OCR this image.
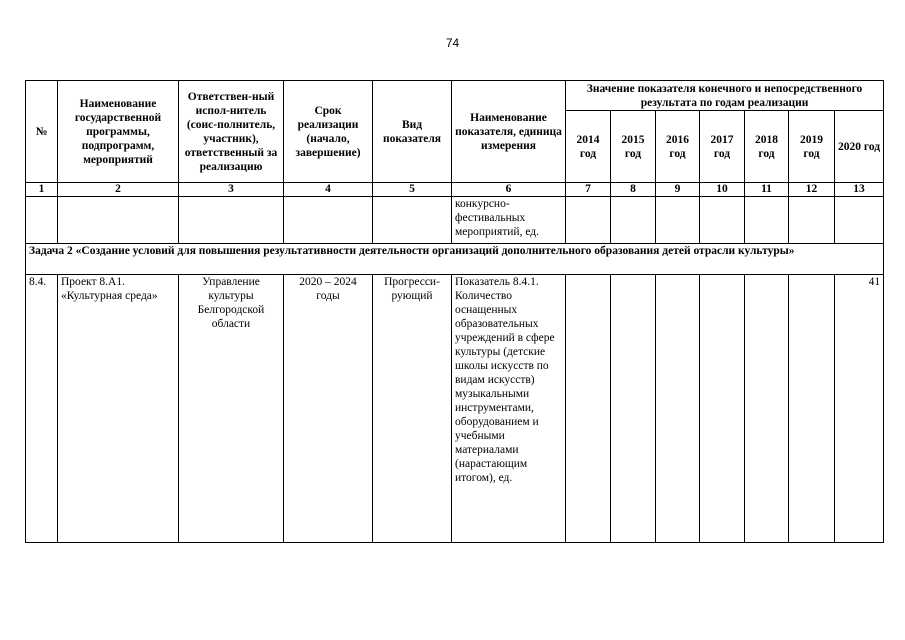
74
№	Наименование государственной программы, подпрограмм, мероприятий	Ответствен-ный испол-нитель (соис-полнитель, участник), ответственный за реализацию	Срок реализации (начало, завершение)	Вид показателя	Наименование показателя, единица измерения	Значение показателя конечного и непосредственного результата по годам реализации						
						2014 год	2015 год	2016 год	2017 год	2018 год	2019 год	2020 год
1	2	3	4	5	6	7	8	9	10	11	12	13
					конкурсно-фестивальных мероприятий, ед.							
Задача 2 «Создание условий для повышения результативности деятельности организаций дополнительного образования детей отрасли культуры»												
8.4.	Проект 8.А1. «Культурная среда»	Управление культуры Белгородской области	2020 – 2024 годы	Прогресси-рующий	Показатель 8.4.1. Количество оснащенных образовательных учреждений в сфере культуры (детские школы искусств по видам искусств) музыкальными инструментами, оборудованием и учебными материалами (нарастающим итогом), ед.							41
